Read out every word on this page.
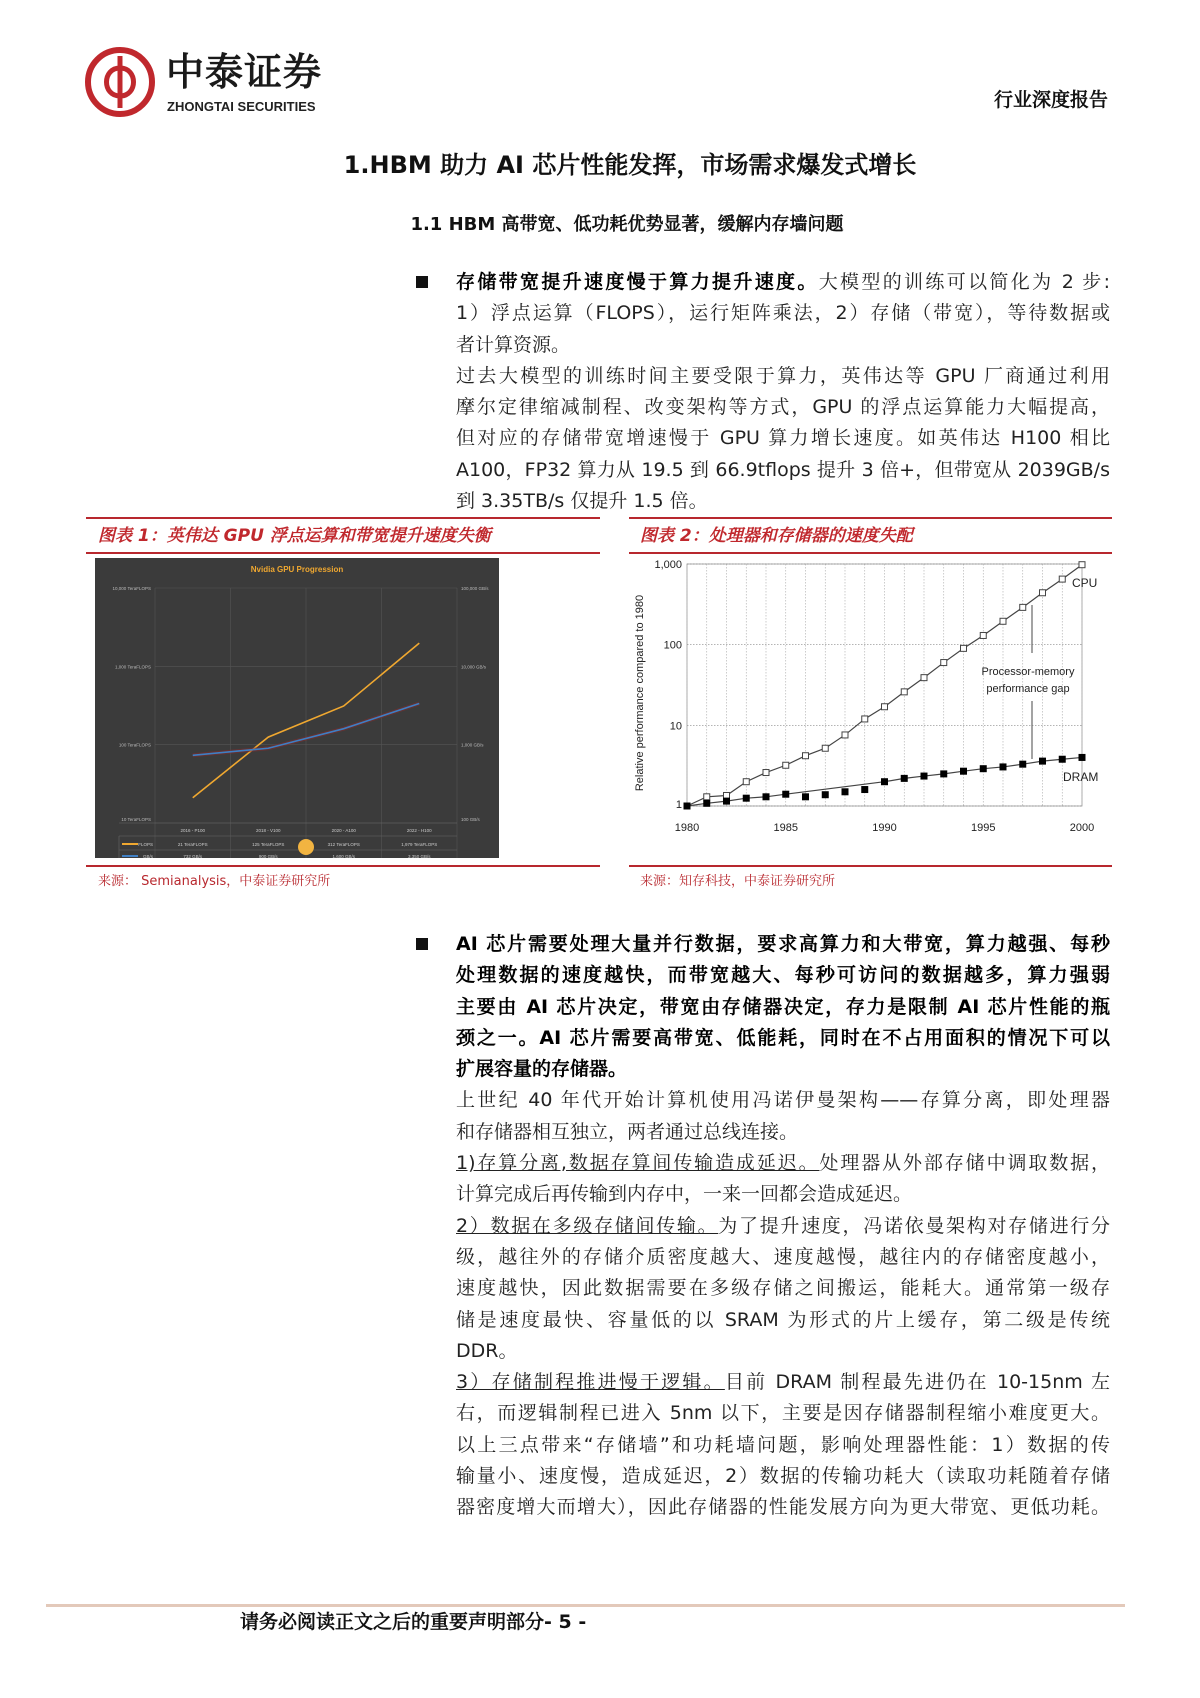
中泰证券
ZHONGTAI SECURITIES	行业深度报告
1.HBM 助力 AI 芯片性能发挥，市场需求爆发式增长
1.1 HBM 高带宽、低功耗优势显著，缓解内存墙问题
存储带宽提升速度慢于算力提升速度。大模型的训练可以简化为 2 步:
1）浮点运算（FLOPS），运行矩阵乘法，2）存储（带宽），等待数据或
者计算资源。
过去大模型的训练时间主要受限于算力，英伟达等 GPU 厂商通过利用
摩尔定律缩减制程、改变架构等方式，GPU 的浮点运算能力大幅提高，
但对应的存储带宽增速慢于 GPU 算力增长速度。如英伟达 H100 相比
A100，FP32 算力从 19.5 到 66.9tflops 提升 3 倍+，但带宽从 2039GB/s
到 3.35TB/s 仅提升 1.5 倍。
图表 1：英伟达 GPU 浮点运算和带宽提升速度失衡	图表 2：处理器和存储器的速度失配
Nvidia GPU Progression
10 TeraFLOPS	100 GB/s
100 TeraFLOPS	1,000 GB/s
1,000 TeraFLOPS	10,000 GB/s
10,000 TeraFLOPS	100,000 GB/s
2016 - P100	2018 - V100	2020 - A100	2022 - H100
FLOPS	21 TeraFLOPS	125 TeraFLOPS	312 TeraFLOPS	1,979 TeraFLOPS
GB/s	732 GB/s	900 GB/s	1,600 GB/s	3,350 GB/s
1
10
100
1,000
1980	1985	1990	1995	2000
Relative performance compared to 1980
CPU
DRAM
Processor-memory
performance gap
来源： Semianalysis，中泰证券研究所	来源：知存科技，中泰证券研究所
AI 芯片需要处理大量并行数据，要求高算力和大带宽，算力越强、每秒
处理数据的速度越快，而带宽越大、每秒可访问的数据越多，算力强弱
主要由 AI 芯片决定，带宽由存储器决定，存力是限制 AI 芯片性能的瓶
颈之一。AI 芯片需要高带宽、低能耗，同时在不占用面积的情况下可以
扩展容量的存储器。
上世纪 40 年代开始计算机使用冯诺伊曼架构——存算分离，即处理器
和存储器相互独立，两者通过总线连接。
1)存算分离,数据存算间传输造成延迟。处理器从外部存储中调取数据，
计算完成后再传输到内存中，一来一回都会造成延迟。
2）数据在多级存储间传输。为了提升速度，冯诺依曼架构对存储进行分
级，越往外的存储介质密度越大、速度越慢，越往内的存储密度越小，
速度越快，因此数据需要在多级存储之间搬运，能耗大。通常第一级存
储是速度最快、容量低的以 SRAM 为形式的片上缓存，第二级是传统
DDR。
3）存储制程推进慢于逻辑。目前 DRAM 制程最先进仍在 10-15nm 左
右，而逻辑制程已进入 5nm 以下，主要是因存储器制程缩小难度更大。
以上三点带来“存储墙”和功耗墙问题，影响处理器性能：1）数据的传
输量小、速度慢，造成延迟，2）数据的传输功耗大（读取功耗随着存储
器密度增大而增大），因此存储器的性能发展方向为更大带宽、更低功耗。
请务必阅读正文之后的重要声明部分- 5 -
